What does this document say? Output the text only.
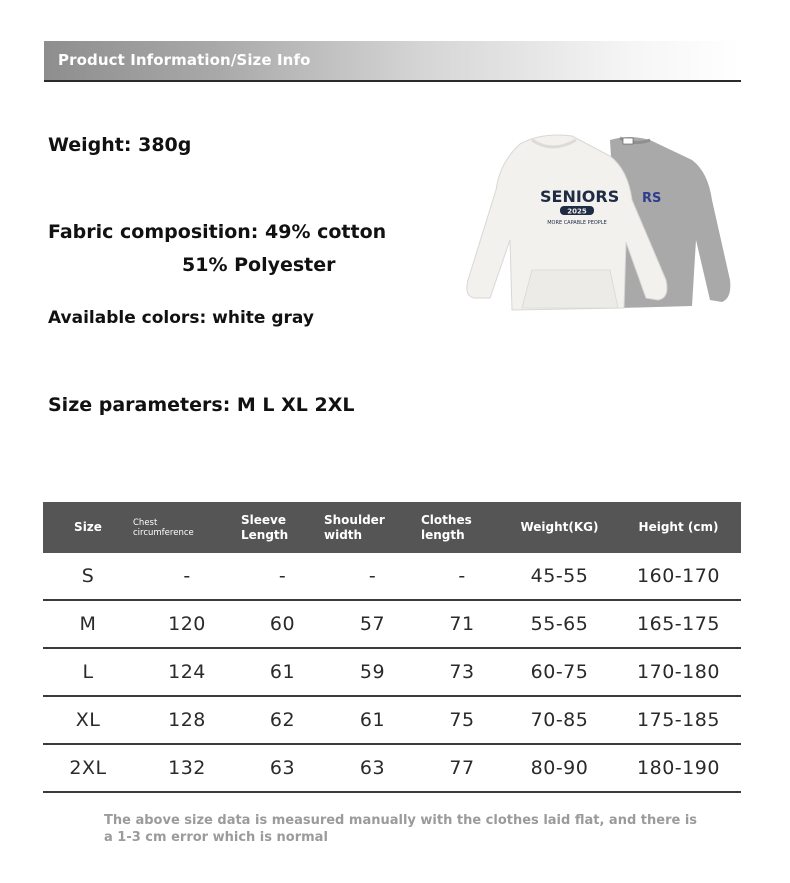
Product Information/Size Info
Weight: 380g
Fabric composition: 49% cotton
51% Polyester
Available colors: white gray
Size parameters: M L XL 2XL
RS
SENIORS
2025
MORE CAPABLE PEOPLE
Size	Chest circumference	Sleeve Length	Shoulder width	Clothes length	Weight(KG)	Height (cm)
S	-	-	-	-	45-55	160-170
M	120	60	57	71	55-65	165-175
L	124	61	59	73	60-75	170-180
XL	128	62	61	75	70-85	175-185
2XL	132	63	63	77	80-90	180-190
The above size data is measured manually with the clothes laid flat, and there is a 1-3 cm error which is normal
